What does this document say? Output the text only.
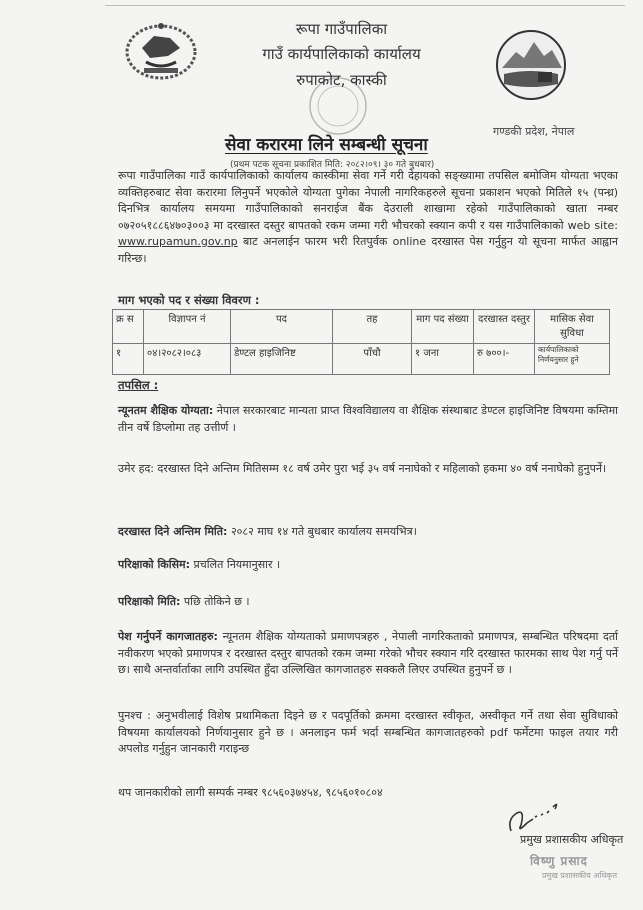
रूपा गाउँपालिका
गाउँ कार्यपालिकाको कार्यालय
रुपाकोट, कास्की
गण्डकी प्रदेश, नेपाल
सेवा करारमा लिने सम्बन्धी सूचना
(प्रथम पटक सूचना प्रकाशित मिति: २०८२।०९। ३० गते बुधबार)
रूपा गाउँपालिका गाउँ कार्यपालिकाको कार्यालय कास्कीमा सेवा गर्ने गरी देहायको सङ्ख्यामा तपसिल बमोजिम योग्यता भएका व्यक्तिहरुबाट सेवा करारमा लिनुपर्ने भएकोले योग्यता पुगेका नेपाली नागरिकहरुले सूचना प्रकाशन भएको मितिले १५ (पन्ध्र) दिनभित्र कार्यालय समयमा गाउँपालिकाको सनराईज बैंक देउराली शाखामा रहेको गाउँपालिकाको खाता नम्बर ०७२०५१८८६४७०३००३ मा दरखास्त दस्तुर बापतको रकम जम्मा गरी भौचरको स्क्यान कपी र यस गाउँपालिकाको web site: www.rupamun.gov.np बाट अनलाईन फारम भरी रितपुर्वक online दरखास्त पेस गर्नुहुन यो सूचना मार्फत आह्वान गरिन्छ।
माग भएको पद र संख्या विवरण :
क्र स	विज्ञापन नं	पद	तह	माग पद संख्या	दरखास्त दस्तुर	मासिक सेवा सुविधा
१	०४।२०८२।०८३	डेण्टल हाइजिनिष्ट	पाँचौ	१ जना	रु ७००।-	कार्यपालिकाको निर्णयनुसार हुने
तपसिल :
न्यूनतम शैक्षिक योग्यता: नेपाल सरकारबाट मान्यता प्राप्त विश्वविद्यालय वा शैक्षिक संस्थाबाट डेण्टल हाइजिनिष्ट विषयमा कम्तिमा तीन वर्षे डिप्लोमा तह उत्तीर्ण ।
उमेर हद: दरखास्त दिने अन्तिम मितिसम्म १८ वर्ष उमेर पुरा भई ३५ वर्ष ननाघेको र महिलाको हकमा ४० वर्ष ननाघेको हुनुपर्ने।
दरखास्त दिने अन्तिम मिति: २०८२ माघ १४ गते बुधबार कार्यालय समयभित्र।
परिक्षाको किसिम: प्रचलित नियमानुसार ।
परिक्षाको मिति: पछि तोकिने छ ।
पेश गर्नुपर्ने कागजातहरु: न्यूनतम शैक्षिक योग्यताको प्रमाणपत्रहरु , नेपाली नागरिकताको प्रमाणपत्र, सम्बन्धित परिषदमा दर्ता नवीकरण भएको प्रमाणपत्र र दरखास्त दस्तुर बापतको रकम जम्मा गरेको भौचर स्क्यान गरि दरखास्त फारमका साथ पेश गर्नु पर्ने छ। साथै अन्तर्वार्ताका लागि उपस्थित हुँदा उल्लिखित कागजातहरु सक्कलै लिएर उपस्थित हुनुपर्ने छ ।
पुनश्च : अनुभवीलाई विशेष प्रथामिकता दिइने छ र पदपूर्तिको क्रममा दरखास्त स्वीकृत, अस्वीकृत गर्ने तथा सेवा सुविधाको विषयमा कार्यालयको निर्णयानुसार हुने छ । अनलाइन फर्म भर्दा सम्बन्धित कागजातहरुको pdf फर्मेटमा फाइल तयार गरी अपलोड गर्नुहुन जानकारी गराइन्छ
थप जानकारीको लागी सम्पर्क नम्बर ९८५६०३७४५४, ९८५६०१०८०४
प्रमुख प्रशासकीय अधिकृत
विष्णु प्रसाद
प्रमुख प्रशासकीय अधिकृत
